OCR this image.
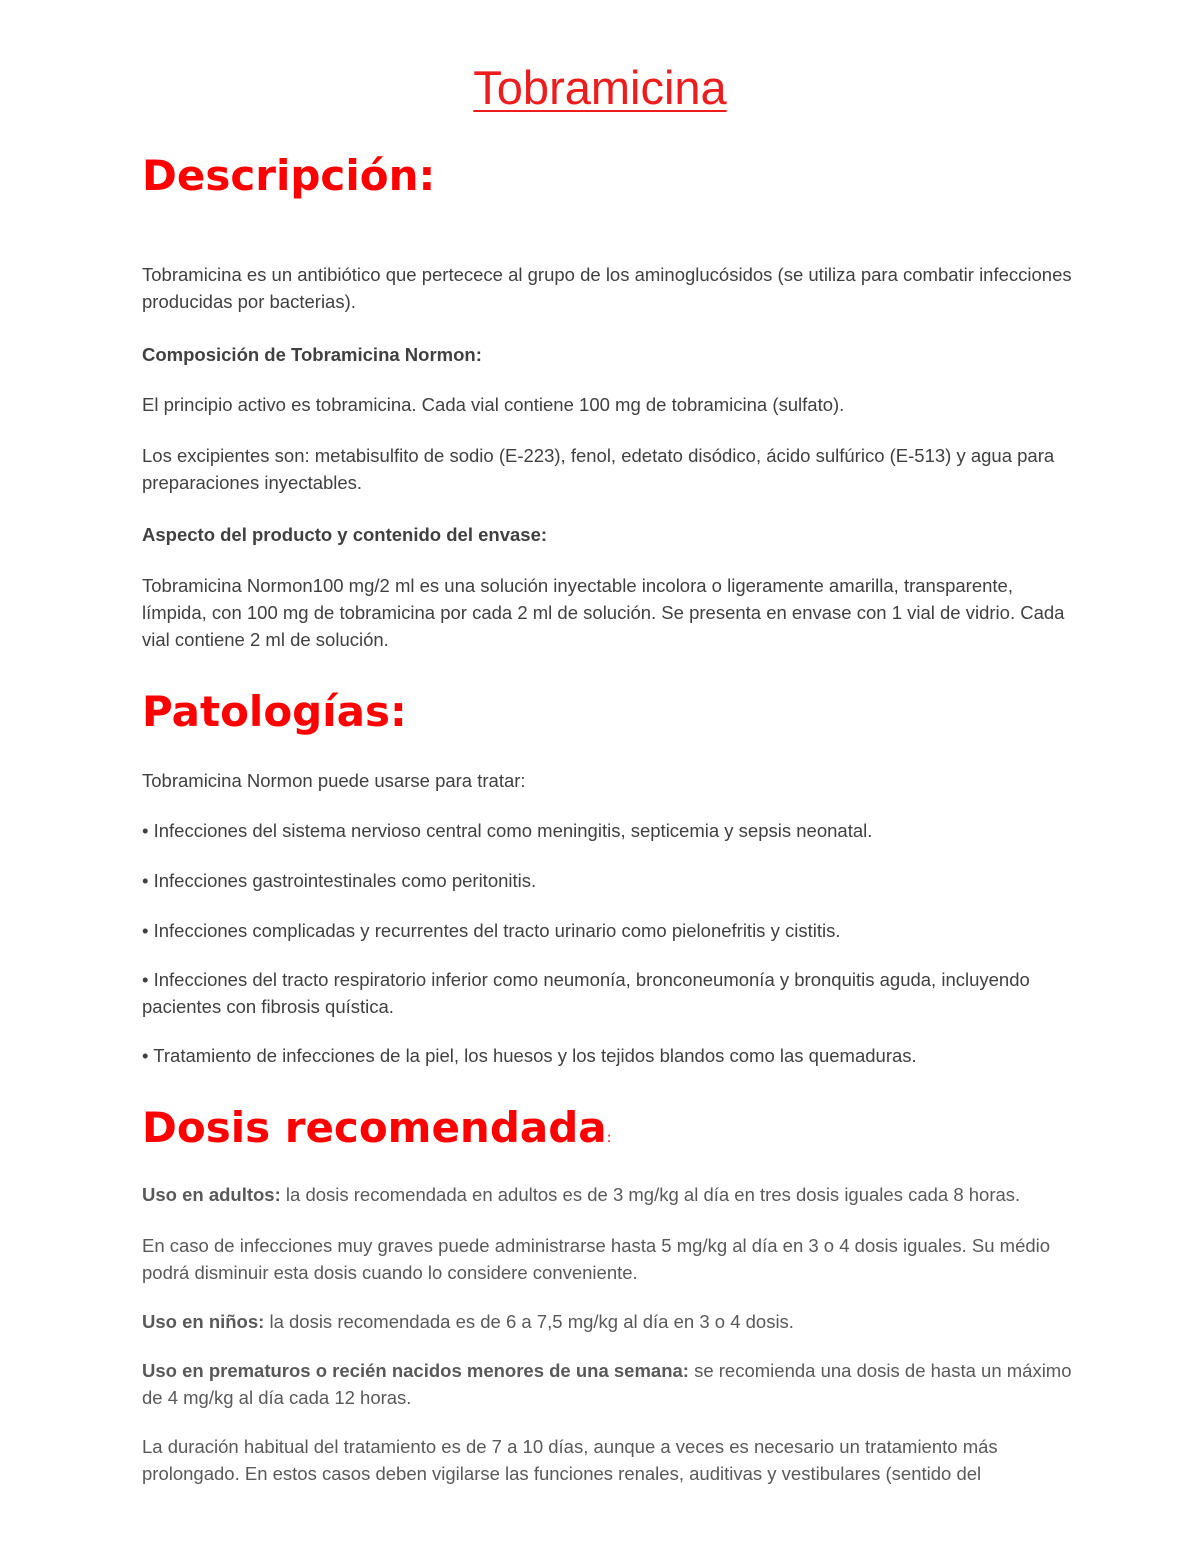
Tobramicina
Descripción:

Tobramicina es un antibiótico que pertecece al grupo de los aminoglucósidos (se utiliza para combatir infecciones producidas por bacterias).

Composición de Tobramicina Normon:

El principio activo es tobramicina. Cada vial contiene 100 mg de tobramicina (sulfato).

Los excipientes son: metabisulfito de sodio (E-223), fenol, edetato disódico, ácido sulfúrico (E-513) y agua para preparaciones inyectables.

Aspecto del producto y contenido del envase:

Tobramicina Normon100 mg/2 ml es una solución inyectable incolora o ligeramente amarilla, transparente, límpida, con 100 mg de tobramicina por cada 2 ml de solución. Se presenta en envase con 1 vial de vidrio. Cada vial contiene 2 ml de solución.

Patologías:

Tobramicina Normon puede usarse para tratar:

• Infecciones del sistema nervioso central como meningitis, septicemia y sepsis neonatal.

• Infecciones gastrointestinales como peritonitis.

• Infecciones complicadas y recurrentes del tracto urinario como pielonefritis y cistitis.

• Infecciones del tracto respiratorio inferior como neumonía, bronconeumonía y bronquitis aguda, incluyendo pacientes con fibrosis quística.

• Tratamiento de infecciones de la piel, los huesos y los tejidos blandos como las quemaduras.

Dosis recomendada:

Uso en adultos: la dosis recomendada en adultos es de 3 mg/kg al día en tres dosis iguales cada 8 horas.

En caso de infecciones muy graves puede administrarse hasta 5 mg/kg al día en 3 o 4 dosis iguales. Su médio podrá disminuir esta dosis cuando lo considere conveniente.

Uso en niños: la dosis recomendada es de 6 a 7,5 mg/kg al día en 3 o 4 dosis.

Uso en prematuros o recién nacidos menores de una semana: se recomienda una dosis de hasta un máximo de 4 mg/kg al día cada 12 horas.

La duración habitual del tratamiento es de 7 a 10 días, aunque a veces es necesario un tratamiento más prolongado. En estos casos deben vigilarse las funciones renales, auditivas y vestibulares (sentido del
